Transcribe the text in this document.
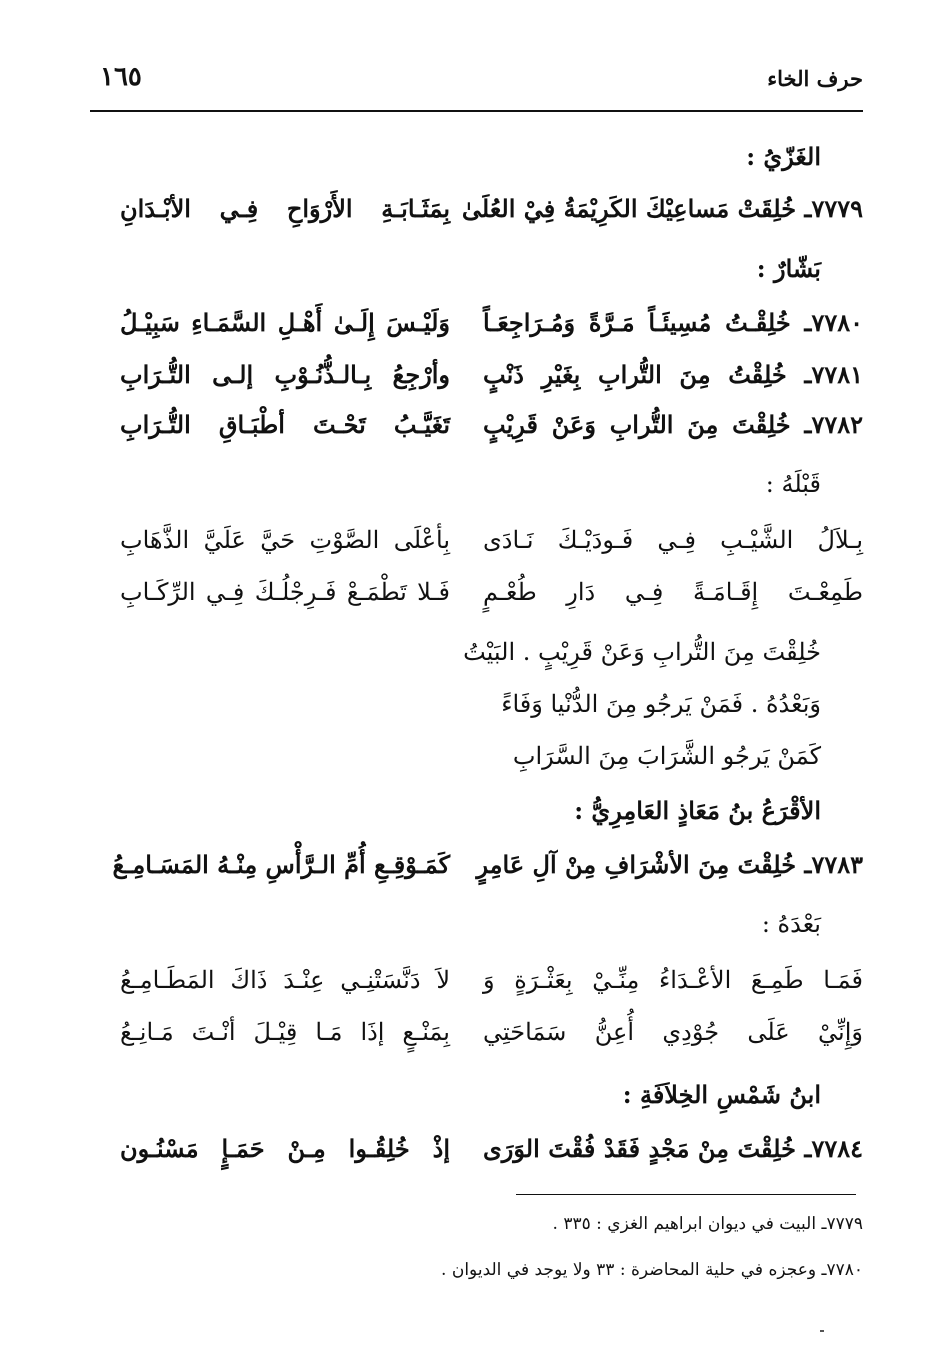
حرف الخاء
١٦٥
الغَزّيُ :
٧٧٧٩ـ خُلِقَتْ مَساعِيْكَ الكَرِيْمَةُ فِيْ العُلَىٰ
بِمَثَـابَـةِ الأَرْوَاحِ فِـي الأبْـدَانِ
بَشّارٌ :
٧٧٨٠ـ خُلِقْـتُ مُسِيئَـاً مَـرَّةً وَمُـرَاجِعَـاً
وَلَيْـسَ إِلَـىٰ أَهْـلِ السَّمَـاءِ سَبِيْـلُ
٧٧٨١ـ خُلِقْتُ مِنَ التُّرابِ بِغَيْرِ ذَنْبٍ
وأرْجِعُ بِـالـذُّنُـوْبِ إلـى التُّـرَابِ
٧٧٨٢ـ خُلِقْتَ مِنَ التُّرابِ وَعَنْ قَرِيْبٍ
تَغَيَّـبُ تَحْـتَ أطْبَـاقِ التُّـرَابِ
قَبْلَهُ :
بِـلاَلُ الشَّيْـبِ فِـي فَـودَيْـكَ نَـادَى
بِأعْلَى الصَّوْتِ حَيَّ عَلَيَّ الذَّهَابِ
طَمِعْـتَ إِقَـامَـةً فِـي دَارِ طُعْـمٍ
فَـلا تَطْمَـعْ فَـرِجْلُـكَ فِـي الرِّكَـابِ
خُلِقْتَ مِنَ التُّرابِ وَعَنْ قَرِيْبٍ . البَيْتُ
وَبَعْدُهُ . فَمَنْ يَرجُو مِنَ الدُّنْيا وَفَاءً
كَمَنْ يَرجُو الشَّرَابَ مِنَ السَّرَابِ
الأقْرَعُ بنُ مَعَاذٍ العَامِرِيُّ :
٧٧٨٣ـ خُلِقْتَ مِنَ الأشْرَافِ مِنْ آلِ عَامِرٍ
كَمَـوْقِـعِ أُمِّ الـرَّأْسِ مِنْـهُ المَسَـامِـعُ
بَعْدَهُ :
فَمَـا طَمِـعَ الأعْـدَاءُ مِنِّـيْ بِعَثْـرَةٍ وَ
لاَ دَنَّسَتْنِـي عِنْـدَ ذَاكَ المَطَـامِـعُ
وَإِنِّيْ عَلَى جُوْدِي أُعِنُّ سَمَاحَتِي
بِمَنْـعٍ إذَا مَـا قِيْـلَ أنْـتَ مَـانِـعُ
ابنُ شَمْسِ الخِلاَفَةِ :
٧٧٨٤ـ خُلِقْتَ مِنْ مَجْدٍ فَقَدْ فُقْتَ الوَرَى
إذْ خُلِقُـوا مِـنْ حَمَـإٍ مَسْنُـون
٧٧٧٩ـ البيت في ديوان ابراهيم الغزي : ٣٣٥ .
٧٧٨٠ـ وعجزه في حلية المحاضرة : ٣٣ ولا يوجد في الديوان .
